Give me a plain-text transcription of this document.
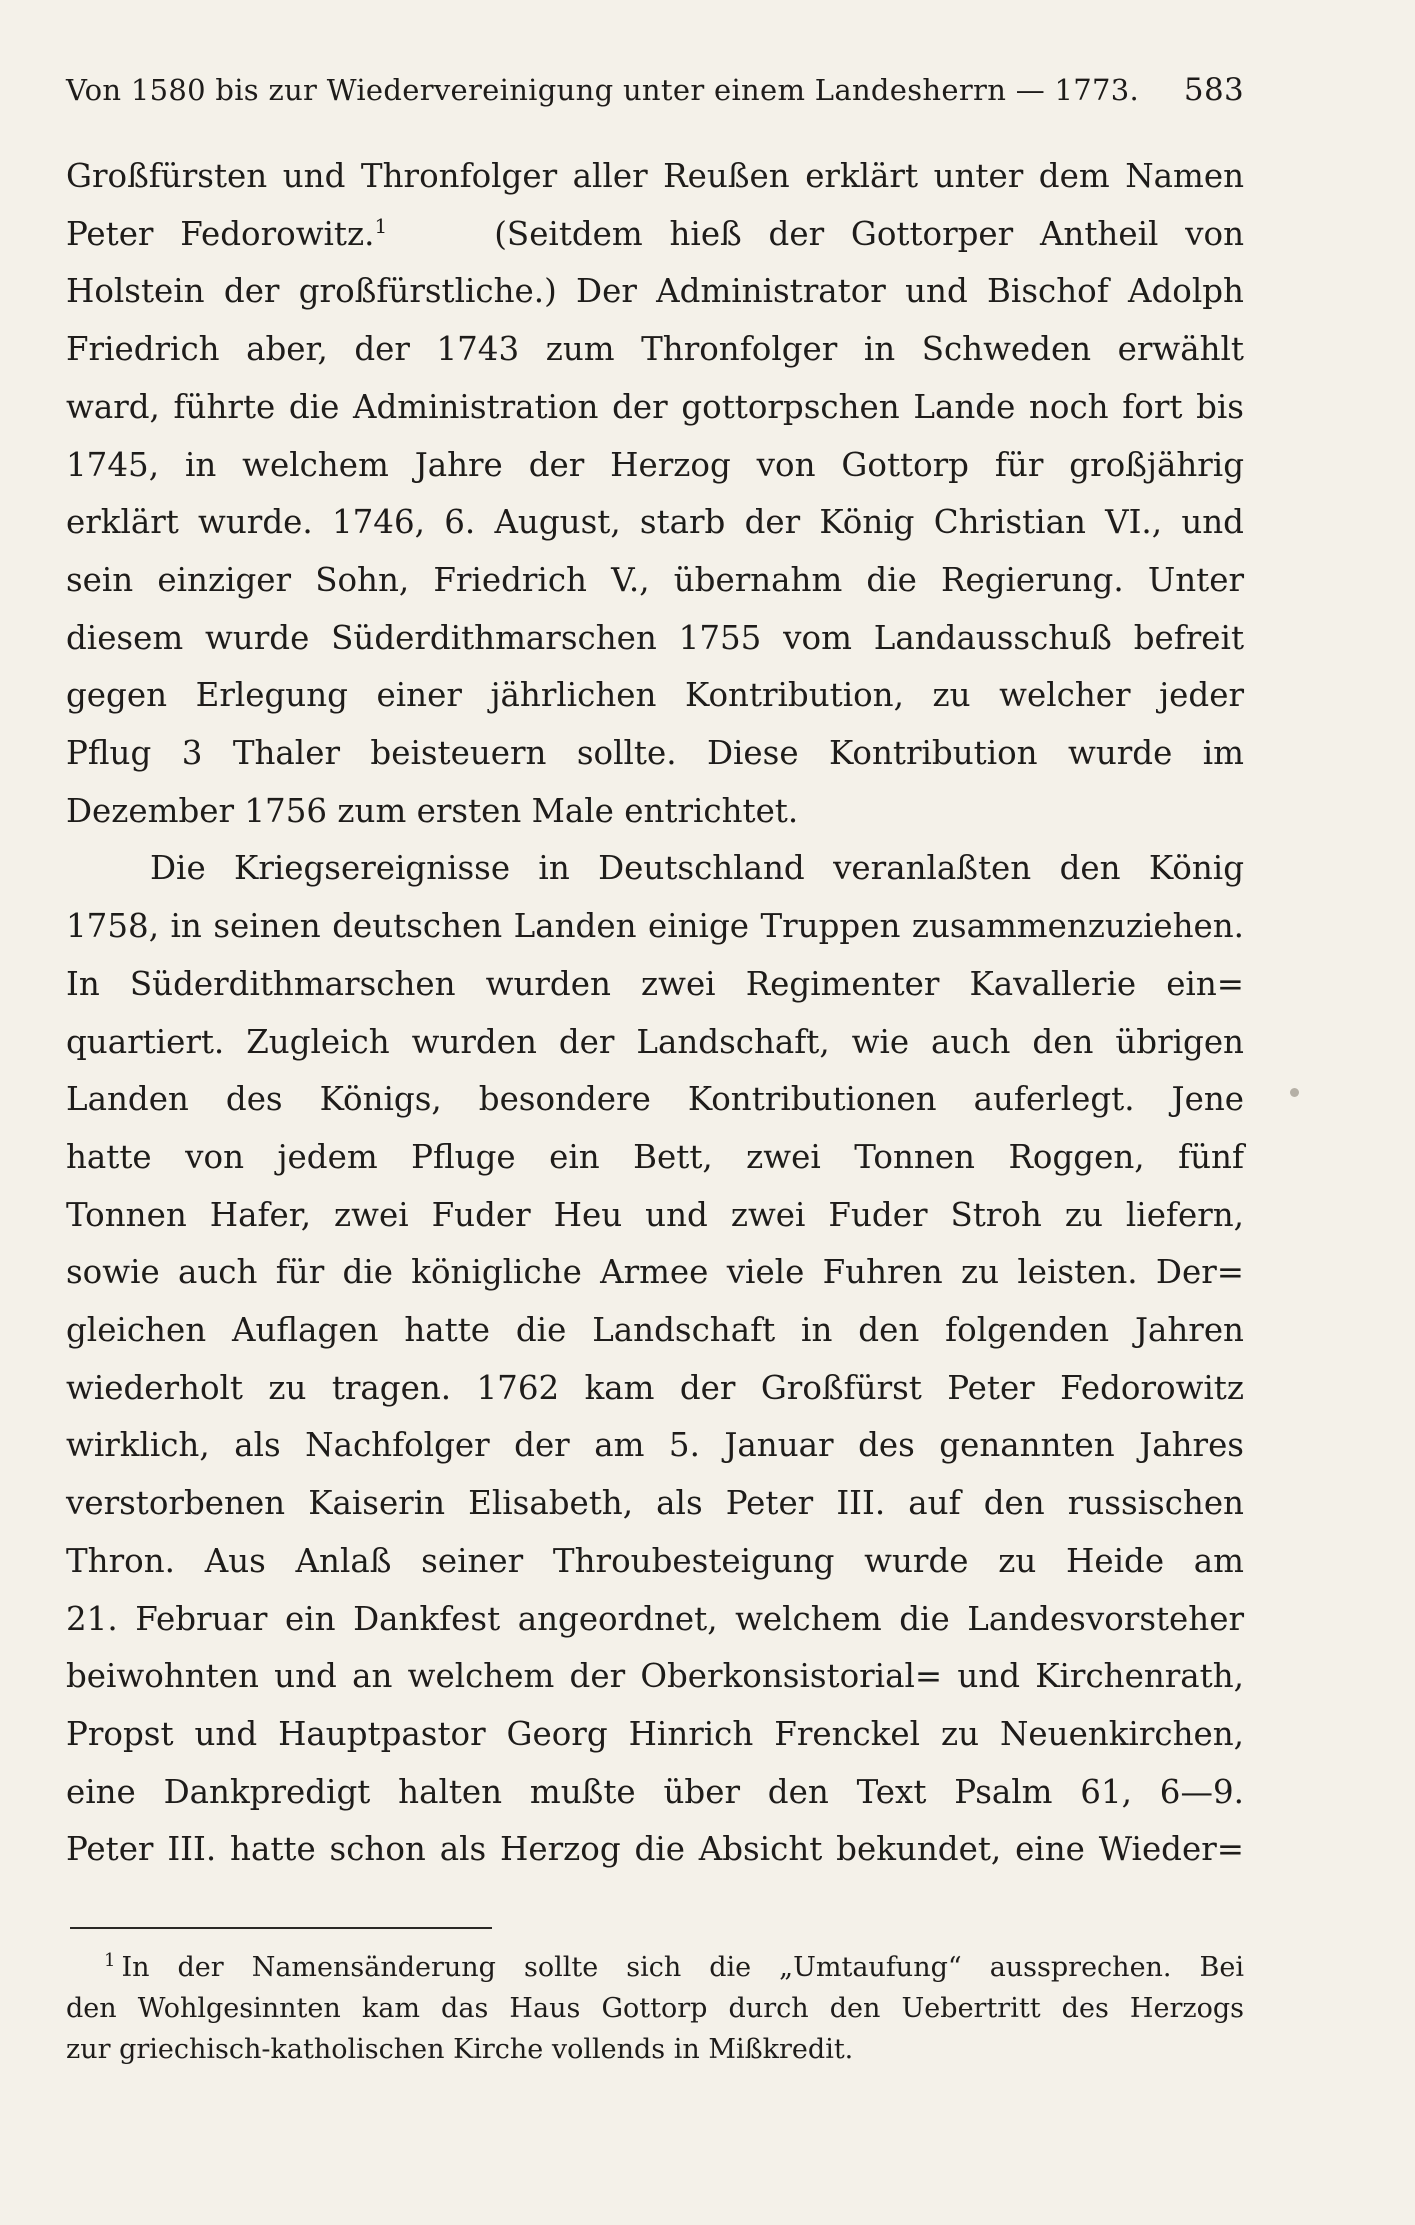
Von 1580 bis zur Wiedervereinigung unter einem Landesherrn — 1773. 583
Großfürsten und Thronfolger aller Reußen erklärt unter dem Namen
Peter Fedorowitz.$^1$	(Seitdem hieß der Gottorper Antheil von
Holstein der großfürstliche.) Der Administrator und Bischof Adolph
Friedrich aber, der 1743 zum Thronfolger in Schweden erwählt
ward, führte die Administration der gottorpschen Lande noch fort bis
1745, in welchem Jahre der Herzog von Gottorp für großjährig
erklärt wurde. 1746, 6. August, starb der König Christian VI., und
sein einziger Sohn, Friedrich V., übernahm die Regierung. Unter
diesem wurde Süderdithmarschen 1755 vom Landausschuß befreit
gegen Erlegung einer jährlichen Kontribution, zu welcher jeder
Pflug 3 Thaler beisteuern sollte. Diese Kontribution wurde im
Dezember 1756 zum ersten Male entrichtet.
Die Kriegsereignisse in Deutschland veranlaßten den König
1758, in seinen deutschen Landen einige Truppen zusammenzuziehen.
In Süderdithmarschen wurden zwei Regimenter Kavallerie ein=
quartiert. Zugleich wurden der Landschaft, wie auch den übrigen
Landen des Königs, besondere Kontributionen auferlegt. Jene
hatte von jedem Pfluge ein Bett, zwei Tonnen Roggen, fünf
Tonnen Hafer, zwei Fuder Heu und zwei Fuder Stroh zu liefern,
sowie auch für die königliche Armee viele Fuhren zu leisten. Der=
gleichen Auflagen hatte die Landschaft in den folgenden Jahren
wiederholt zu tragen. 1762 kam der Großfürst Peter Fedorowitz
wirklich, als Nachfolger der am 5. Januar des genannten Jahres
verstorbenen Kaiserin Elisabeth, als Peter III. auf den russischen
Thron. Aus Anlaß seiner Throubesteigung wurde zu Heide am
21. Februar ein Dankfest angeordnet, welchem die Landesvorsteher
beiwohnten und an welchem der Oberkonsistorial= und Kirchenrath,
Propst und Hauptpastor Georg Hinrich Frenckel zu Neuenkirchen,
eine Dankpredigt halten mußte über den Text Psalm 61, 6—9.
Peter III. hatte schon als Herzog die Absicht bekundet, eine Wieder=
$^1$ In der Namensänderung sollte sich die „Umtaufung“ aussprechen. Bei
den Wohlgesinnten kam das Haus Gottorp durch den Uebertritt des Herzogs
zur griechisch-katholischen Kirche vollends in Mißkredit.
